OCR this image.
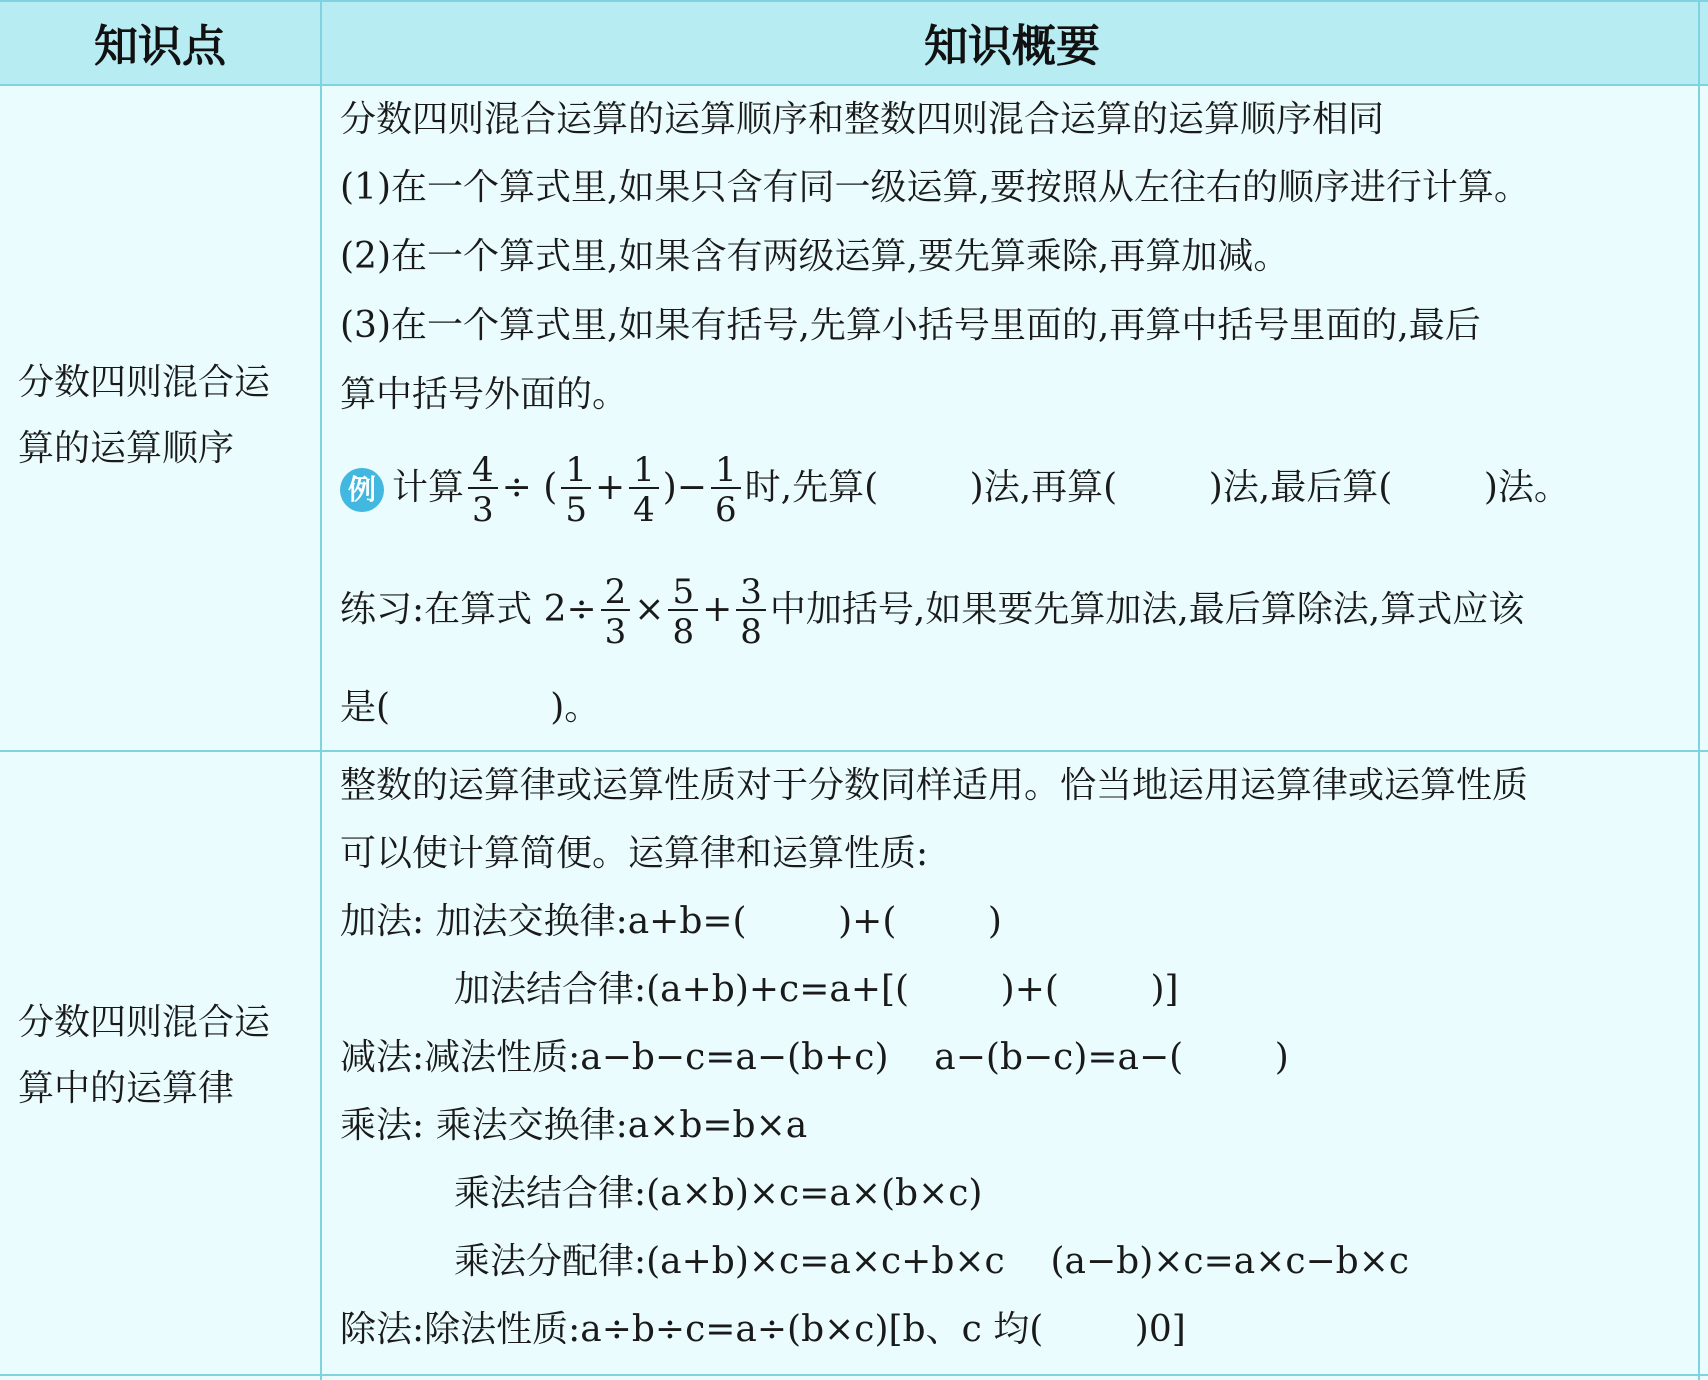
知识点	知识概要
分数四则混合运
算的运算顺序
分数四则混合运算的运算顺序和整数四则混合运算的运算顺序相同
(1)在一个算式里,如果只含有同一级运算,要按照从左往右的顺序进行计算。
(2)在一个算式里,如果含有两级运算,要先算乘除,再算加减。
(3)在一个算式里,如果有括号,先算小括号里面的,再算中括号里面的,最后
算中括号外面的。
例 计算 $\frac{4}{3}$ ÷ ( $\frac{1}{5} + \frac{1}{4}$ )− $\frac{1}{6}$ 时,先算(        )法,再算(        )法,最后算(        )法。
练习:在算式 $2\div \frac{2}{3} \times \frac{5}{8} + \frac{3}{8}$ 中加括号,如果要先算加法,最后算除法,算式应该
是(              )。
分数四则混合运
算中的运算律
整数的运算律或运算性质对于分数同样适用。恰当地运用运算律或运算性质
可以使计算简便。运算律和运算性质:
加法: 加法交换律:a+b=(        )+(        )
加法结合律:(a+b)+c=a+[(        )+(        )]
减法:减法性质:a−b−c=a−(b+c)    a−(b−c)=a−(        )
乘法: 乘法交换律:a×b=b×a
乘法结合律:(a×b)×c=a×(b×c)
乘法分配律:(a+b)×c=a×c+b×c    (a−b)×c=a×c−b×c
除法:除法性质:a÷b÷c=a÷(b×c)[b、c 均(        )0]
